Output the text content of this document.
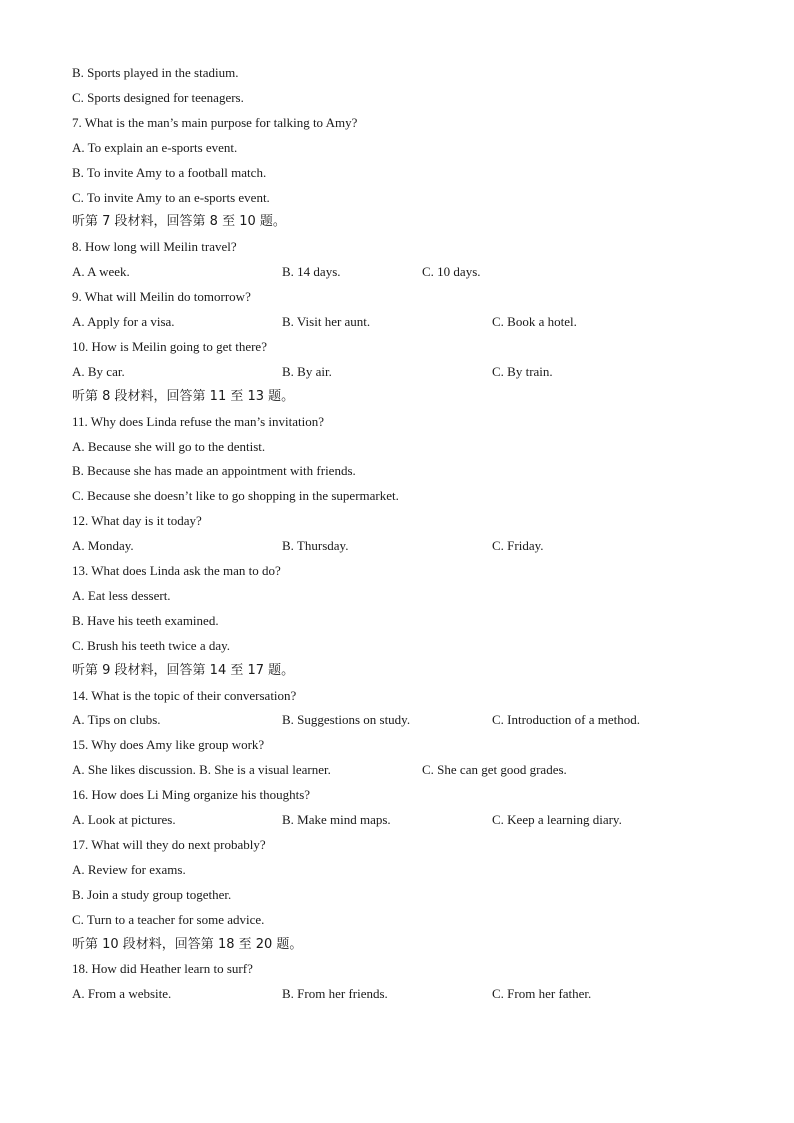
B. Sports played in the stadium.
C. Sports designed for teenagers.
7. What is the man’s main purpose for talking to Amy?
A. To explain an e-sports event.
B. To invite Amy to a football match.
C. To invite Amy to an e-sports event.
听第 7 段材料，回答第 8 至 10 题。
8. How long will Meilin travel?
A. A week.	B. 14 days.	C. 10 days.
9. What will Meilin do tomorrow?
A. Apply for a visa.	B. Visit her aunt.	C. Book a hotel.
10. How is Meilin going to get there?
A. By car.	B. By air.	C. By train.
听第 8 段材料，回答第 11 至 13 题。
11. Why does Linda refuse the man’s invitation?
A. Because she will go to the dentist.
B. Because she has made an appointment with friends.
C. Because she doesn’t like to go shopping in the supermarket.
12. What day is it today?
A. Monday.	B. Thursday.	C. Friday.
13. What does Linda ask the man to do?
A. Eat less dessert.
B. Have his teeth examined.
C. Brush his teeth twice a day.
听第 9 段材料，回答第 14 至 17 题。
14. What is the topic of their conversation?
A. Tips on clubs.	B. Suggestions on study.	C. Introduction of a method.
15. Why does Amy like group work?
A. She likes discussion. B. She is a visual learner.	C. She can get good grades.
16. How does Li Ming organize his thoughts?
A. Look at pictures.	B. Make mind maps.	C. Keep a learning diary.
17. What will they do next probably?
A. Review for exams.
B. Join a study group together.
C. Turn to a teacher for some advice.
听第 10 段材料，回答第 18 至 20 题。
18. How did Heather learn to surf?
A. From a website.	B. From her friends.	C. From her father.
